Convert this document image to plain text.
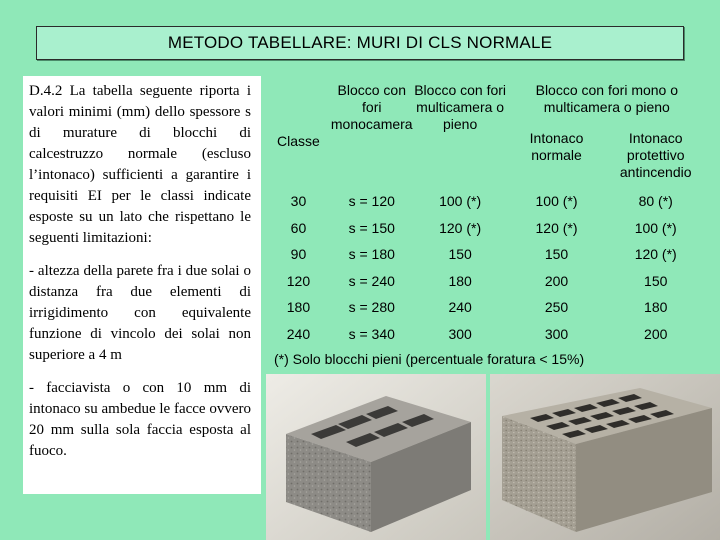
METODO TABELLARE: MURI DI CLS NORMALE

D.4.2 La tabella seguente riporta i valori minimi (mm) dello spessore s di murature di blocchi di calcestruzzo normale (escluso l’intonaco) sufficienti a garantire i requisiti EI per le classi indicate esposte su un lato che rispettano le seguenti limitazioni:

- altezza della parete fra i due solai o distanza fra due elementi di irrigidimento con equivalente funzione di vincolo dei solai non superiore a 4 m

- facciavista o con 10 mm di intonaco su ambedue le facce ovvero 20 mm sulla sola faccia esposta al fuoco.

Classe	Blocco con fori monocamera	Blocco con fori multicamera o pieno	Blocco con fori mono o multicamera o pieno	
			Intonaco normale	Intonaco protettivo antincendio
30	s = 120	100 (*)	100 (*)	80 (*)
60	s = 150	120 (*)	120 (*)	100 (*)
90	s = 180	150	150	120 (*)
120	s = 240	180	200	150
180	s = 280	240	250	180
240	s = 340	300	300	200
(*) Solo blocchi pieni (percentuale foratura < 15%)
